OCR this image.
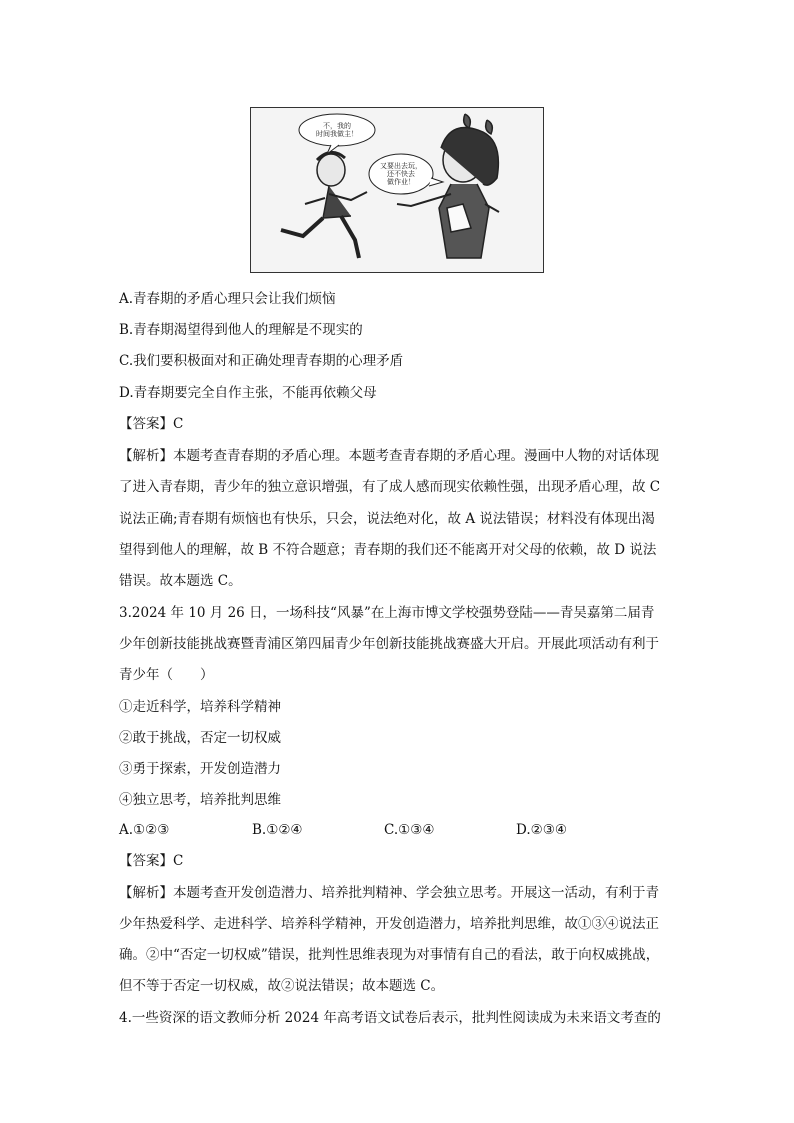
不，我的
时间我做主！
又要出去玩，
还不快去
做作业！
A.青春期的矛盾心理只会让我们烦恼
B.青春期渴望得到他人的理解是不现实的
C.我们要积极面对和正确处理青春期的心理矛盾
D.青春期要完全自作主张，不能再依赖父母
【答案】C
【解析】本题考查青春期的矛盾心理。本题考查青春期的矛盾心理。漫画中人物的对话体现
了进入青春期，青少年的独立意识增强，有了成人感而现实依赖性强，出现矛盾心理，故 C
说法正确;青春期有烦恼也有快乐，只会，说法绝对化，故 A 说法错误；材料没有体现出渴
望得到他人的理解，故 B 不符合题意；青春期的我们还不能离开对父母的依赖，故 D 说法
错误。故本题选 C。
3.2024 年 10 月 26 日，一场科技“风暴”在上海市博文学校强势登陆——青吴嘉第二届青
少年创新技能挑战赛暨青浦区第四届青少年创新技能挑战赛盛大开启。开展此项活动有利于
青少年（　　）
①走近科学，培养科学精神
②敢于挑战，否定一切权威
③勇于探索，开发创造潜力
④独立思考，培养批判思维
A.①②③	B.①②④	C.①③④	D.②③④
【答案】C
【解析】本题考查开发创造潜力、培养批判精神、学会独立思考。开展这一活动，有利于青
少年热爱科学、走进科学、培养科学精神，开发创造潜力，培养批判思维，故①③④说法正
确。②中“否定一切权威”错误，批判性思维表现为对事情有自己的看法，敢于向权威挑战，
但不等于否定一切权威，故②说法错误；故本题选 C。
4.一些资深的语文教师分析 2024 年高考语文试卷后表示，批判性阅读成为未来语文考查的
